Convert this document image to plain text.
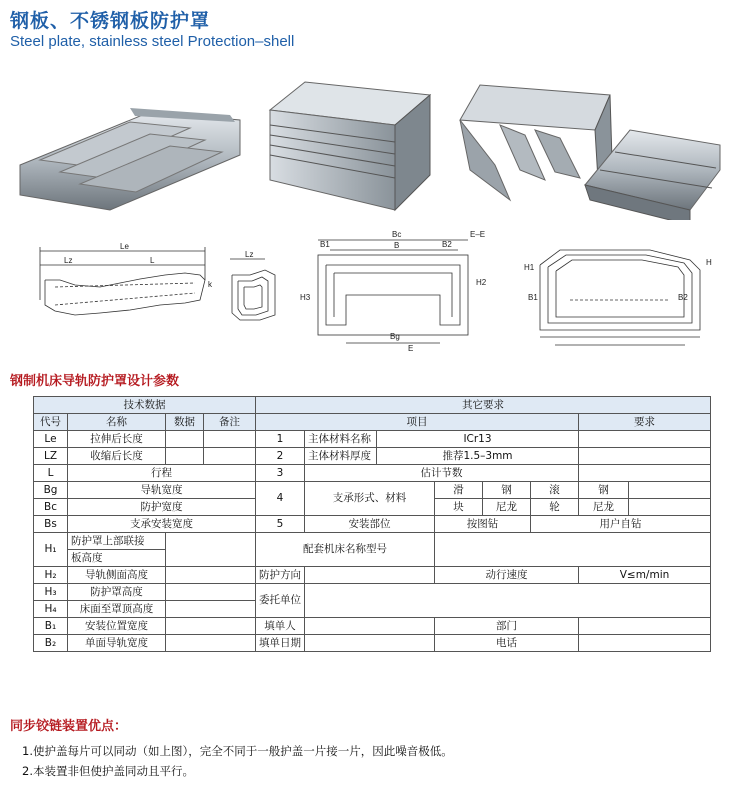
钢板、不锈钢板防护罩
Steel plate, stainless steel Protection–shell
Le
Lz	L
k
Lz
Bc
B
E–E
H3
Bg
B1	B2
H2
E
H1
H
B1	B2
钢制机床导轨防护罩设计参数
技术数据				其它要求							
代号	名称	数据	备注	项目						要求	
Le	拉伸后长度			1	主体材料名称	ICr13					
LZ	收缩后长度			2	主体材料厚度	推荐1.5–3mm					
L	行程			3	估计节数						
Bg	导轨宽度			4	支承形式、材料		滑	钢	滚	钢	
Bc	防护宽度						块	尼龙	轮	尼龙	
Bs	支承安装宽度			5	安装部位		按图钻		用户自钻		
H₁	防护罩上部联接			配套机床名称型号							
	板高度										
H₂	导轨侧面高度			防护方向			动行速度			V≤m/min	
H₃	防护罩高度			委托单位							
H₄	床面至罩顶高度										
B₁	安装位置宽度			填单人			部门				
B₂	单面导轨宽度			填单日期			电话				
同步铰链装置优点：
1.使护盖每片可以同动（如上图），完全不同于一般护盖一片接一片，因此噪音极低。
2.本装置非但使护盖同动且平行。
